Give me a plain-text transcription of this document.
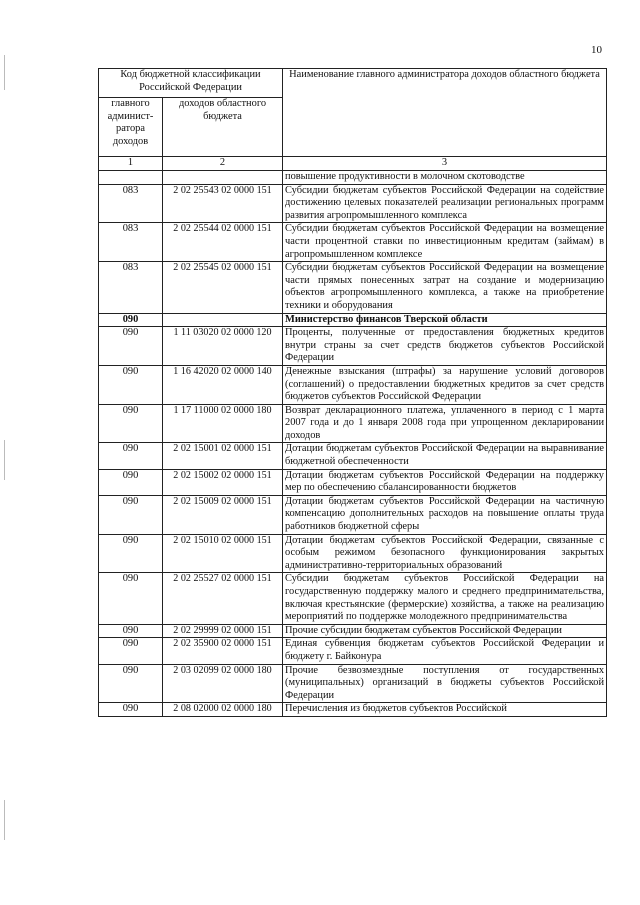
10
Код бюджетной классификации Российской Федерации		Наименование главного администратора доходов областного бюджета
главного админист-ратора доходов	доходов областного бюджета	
1	2	3
		повышение продуктивности в молочном скотоводстве
083	2 02 25543 02 0000 151	Субсидии бюджетам субъектов Российской Федерации на содействие достижению целевых показателей реализации региональных программ развития агропромышленного комплекса
083	2 02 25544 02 0000 151	Субсидии бюджетам субъектов Российской Федерации на возмещение части процентной ставки по инвестиционным кредитам (займам) в агропромышленном комплексе
083	2 02 25545 02 0000 151	Субсидии бюджетам субъектов Российской Федерации на возмещение части прямых понесенных затрат на создание и модернизацию объектов агропромышленного комплекса, а также на приобретение техники и оборудования
090		Министерство финансов Тверской области
090	1 11 03020 02 0000 120	Проценты, полученные от предоставления бюджетных кредитов внутри страны за счет средств бюджетов субъектов Российской Федерации
090	1 16 42020 02 0000 140	Денежные взыскания (штрафы) за нарушение условий договоров (соглашений) о предоставлении бюджетных кредитов за счет средств бюджетов субъектов Российской Федерации
090	1 17 11000 02 0000 180	Возврат декларационного платежа, уплаченного в период с 1 марта 2007 года и до 1 января 2008 года при упрощенном декларировании доходов
090	2 02 15001 02 0000 151	Дотации бюджетам субъектов Российской Федерации на выравнивание бюджетной обеспеченности
090	2 02 15002 02 0000 151	Дотации бюджетам субъектов Российской Федерации на поддержку мер по обеспечению сбалансированности бюджетов
090	2 02 15009 02 0000 151	Дотации бюджетам субъектов Российской Федерации на частичную компенсацию дополнительных расходов на повышение оплаты труда работников бюджетной сферы
090	2 02 15010 02 0000 151	Дотации бюджетам субъектов Российской Федерации, связанные с особым режимом безопасного функционирования закрытых административно-территориальных образований
090	2 02 25527 02 0000 151	Субсидии бюджетам субъектов Российской Федерации на государственную поддержку малого и среднего предпринимательства, включая крестьянские (фермерские) хозяйства, а также на реализацию мероприятий по поддержке молодежного предпринимательства
090	2 02 29999 02 0000 151	Прочие субсидии бюджетам субъектов Российской Федерации
090	2 02 35900 02 0000 151	Единая субвенция бюджетам субъектов Российской Федерации и бюджету г. Байконура
090	2 03 02099 02 0000 180	Прочие безвозмездные поступления от государственных (муниципальных) организаций в бюджеты субъектов Российской Федерации
090	2 08 02000 02 0000 180	Перечисления из бюджетов субъектов Российской
